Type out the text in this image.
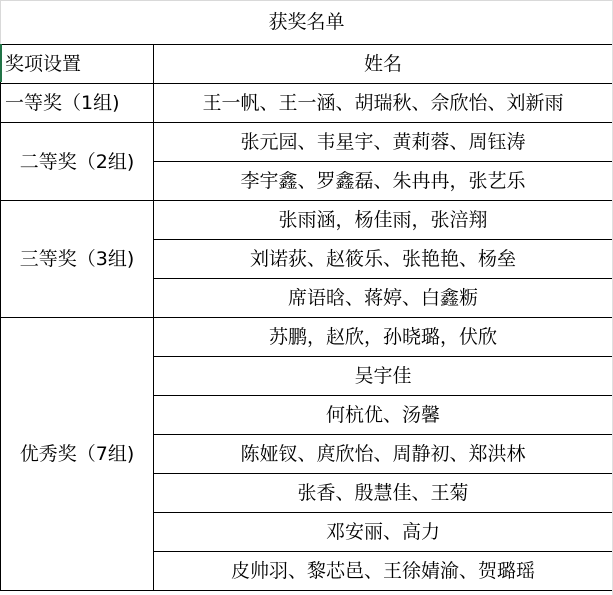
获奖名单	
奖项设置	姓名
一等奖（1组)	王一帆、王一涵、胡瑞秋、佘欣怡、刘新雨
二等奖（2组)	张元园、韦星宇、黄莉蓉、周钰涛
	李宇鑫、罗鑫磊、朱冉冉，张艺乐
三等奖（3组)	张雨涵，杨佳雨，张涪翔
	刘诺荻、赵筱乐、张艳艳、杨垒
	席语晗、蒋婷、白鑫粝
优秀奖（7组)	苏鹏，赵欣，孙晓璐，伏欣
	吴宇佳
	何杭优、汤馨
	陈娅钗、庹欣怡、周静初、郑洪林
	张香、殷慧佳、王菊
	邓安丽、高力
	皮帅羽、黎芯邑、王徐婧渝、贺璐瑶
